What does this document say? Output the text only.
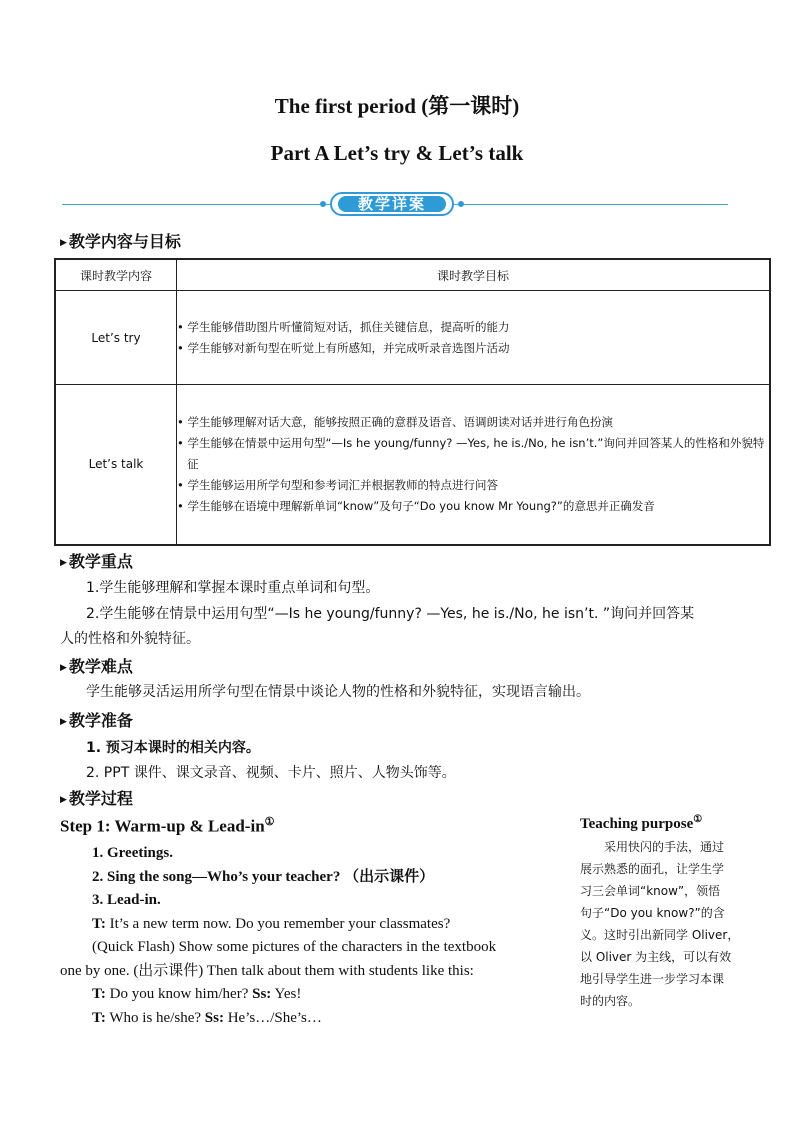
The first period (第一课时)
Part A Let’s try & Let’s talk
教学详案
▶ 教学内容与目标
课时教学内容	课时教学目标
Let’s try	• 学生能够借助图片听懂简短对话，抓住关键信息，提高听的能力
• 学生能够对新句型在听觉上有所感知，并完成听录音选图片活动

Let’s talk	• 学生能够理解对话大意，能够按照正确的意群及语音、语调朗读对话并进行角色扮演
• 学生能够在情景中运用句型“—Is he young/funny? —Yes, he is./No, he isn’t.”询问并回答某人的性格和外貌特征
• 学生能够运用所学句型和参考词汇并根据教师的特点进行问答
• 学生能够在语境中理解新单词“know”及句子“Do you know Mr Young?”的意思并正确发音
▶ 教学重点
1.学生能够理解和掌握本课时重点单词和句型。
2.学生能够在情景中运用句型“—Is he young/funny? —Yes, he is./No, he isn’t. ”询问并回答某
人的性格和外貌特征。
▶ 教学难点
学生能够灵活运用所学句型在情景中谈论人物的性格和外貌特征，实现语言输出。
▶ 教学准备
1. 预习本课时的相关内容。
2. PPT 课件、课文录音、视频、卡片、照片、人物头饰等。
▶ 教学过程
Step 1: Warm-up & Lead-in①
1. Greetings.
2. Sing the song—Who’s your teacher? （出示课件）
3. Lead-in.
T: It’s a new term now. Do you remember your classmates?
(Quick Flash) Show some pictures of the characters in the textbook
one by one. (出示课件) Then talk about them with students like this:
T: Do you know him/her? Ss: Yes!
T: Who is he/she? Ss: He’s…/She’s…
Teaching purpose①
采用快闪的手法，通过
展示熟悉的面孔，让学生学
习三会单词“know”，领悟
句子“Do you know?”的含
义。这时引出新同学 Oliver，
以 Oliver 为主线，可以有效
地引导学生进一步学习本课
时的内容。
